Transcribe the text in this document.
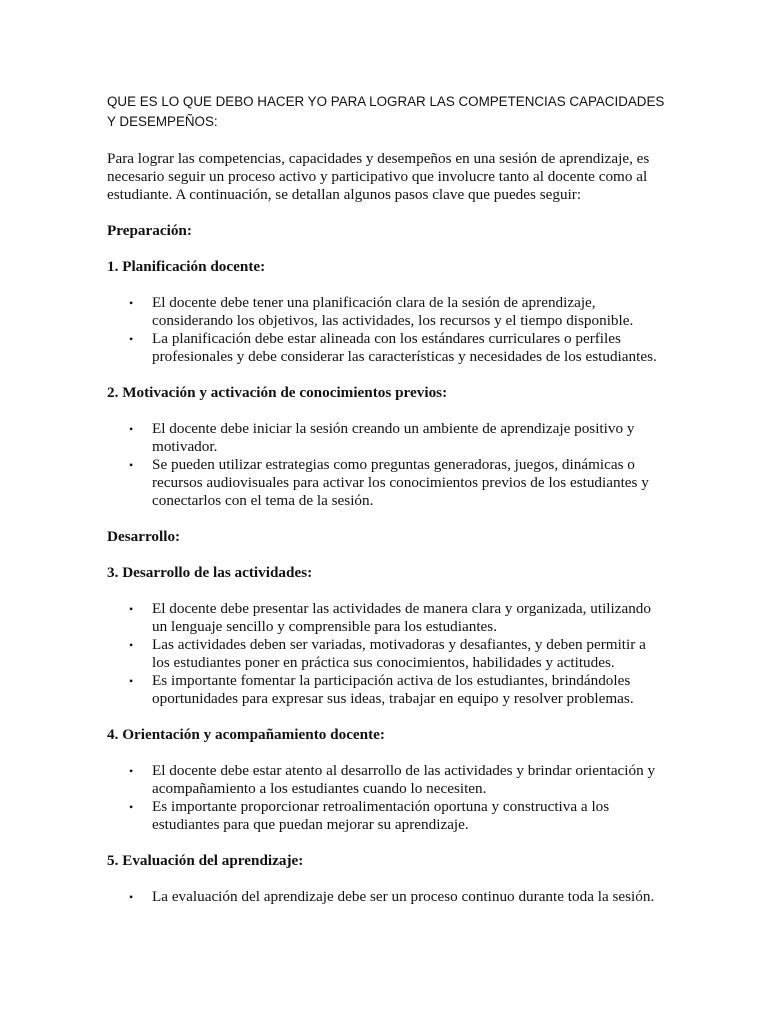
QUE ES LO QUE DEBO HACER YO PARA LOGRAR LAS COMPETENCIAS CAPACIDADES Y DESEMPEÑOS:

Para lograr las competencias, capacidades y desempeños en una sesión de aprendizaje, es necesario seguir un proceso activo y participativo que involucre tanto al docente como al estudiante. A continuación, se detallan algunos pasos clave que puedes seguir:

Preparación:

1. Planificación docente:

• El docente debe tener una planificación clara de la sesión de aprendizaje, considerando los objetivos, las actividades, los recursos y el tiempo disponible.
• La planificación debe estar alineada con los estándares curriculares o perfiles profesionales y debe considerar las características y necesidades de los estudiantes.

2. Motivación y activación de conocimientos previos:

• El docente debe iniciar la sesión creando un ambiente de aprendizaje positivo y motivador.
• Se pueden utilizar estrategias como preguntas generadoras, juegos, dinámicas o recursos audiovisuales para activar los conocimientos previos de los estudiantes y conectarlos con el tema de la sesión.

Desarrollo:

3. Desarrollo de las actividades:

• El docente debe presentar las actividades de manera clara y organizada, utilizando un lenguaje sencillo y comprensible para los estudiantes.
• Las actividades deben ser variadas, motivadoras y desafiantes, y deben permitir a los estudiantes poner en práctica sus conocimientos, habilidades y actitudes.
• Es importante fomentar la participación activa de los estudiantes, brindándoles oportunidades para expresar sus ideas, trabajar en equipo y resolver problemas.

4. Orientación y acompañamiento docente:

• El docente debe estar atento al desarrollo de las actividades y brindar orientación y acompañamiento a los estudiantes cuando lo necesiten.
• Es importante proporcionar retroalimentación oportuna y constructiva a los estudiantes para que puedan mejorar su aprendizaje.

5. Evaluación del aprendizaje:

• La evaluación del aprendizaje debe ser un proceso continuo durante toda la sesión.
